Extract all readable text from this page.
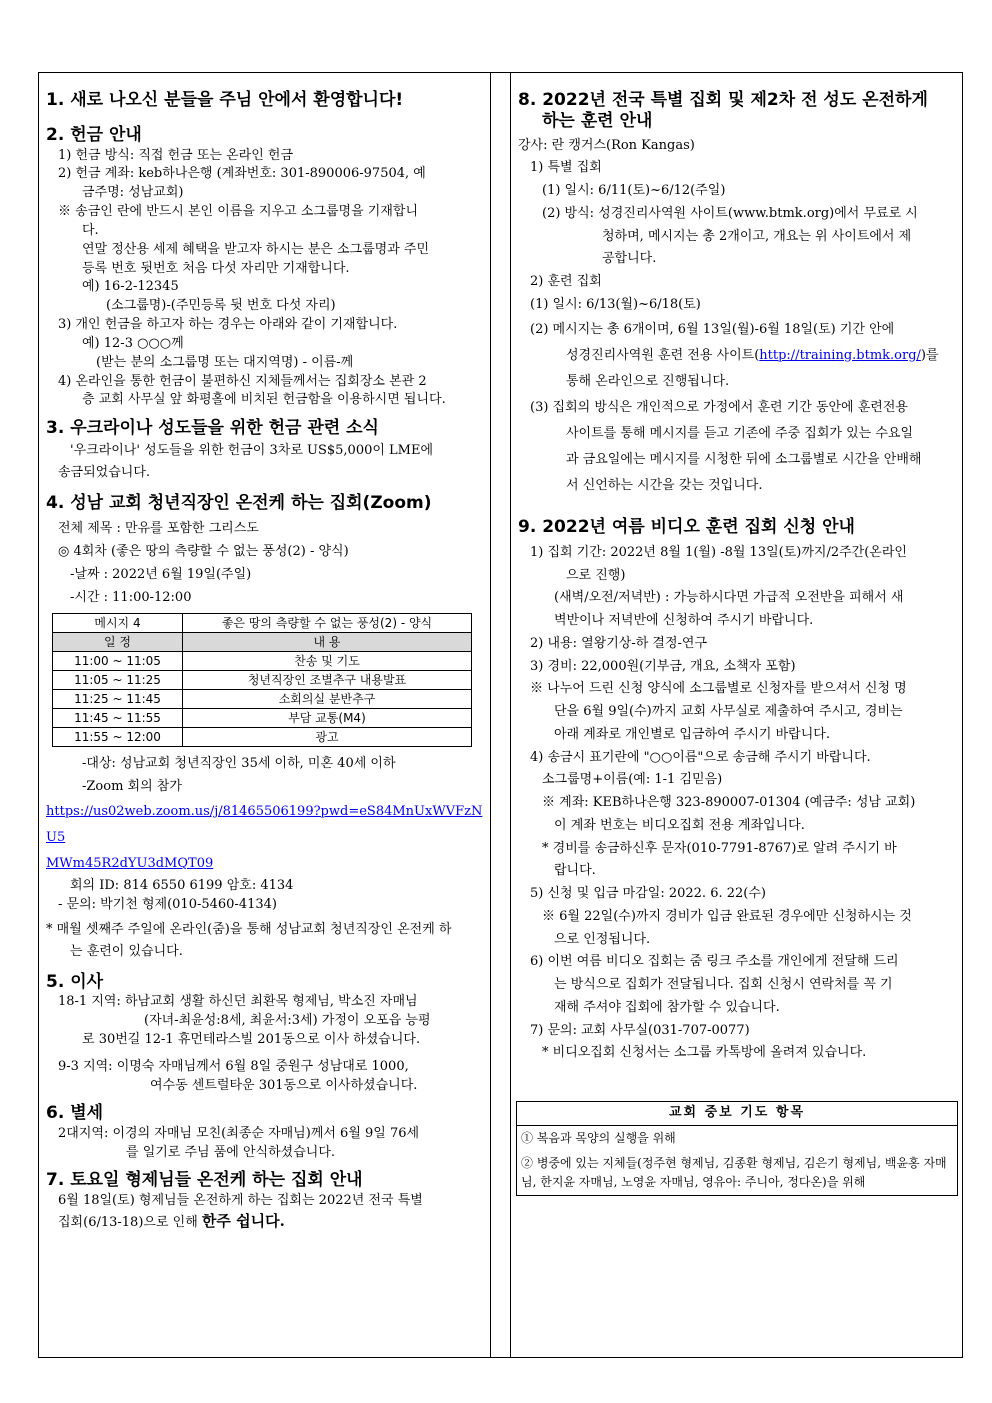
1. 새로 나오신 분들을 주님 안에서 환영합니다!
2. 헌금 안내
1) 헌금 방식: 직접 헌금 또는 온라인 헌금
2) 헌금 계좌: keb하나은행 (계좌번호: 301-890006-97504, 예
금주명: 성남교회)
※ 송금인 란에 반드시 본인 이름을 지우고 소그룹명을 기재합니
다.
연말 정산용 세제 혜택을 받고자 하시는 분은 소그룹명과 주민
등록 번호 뒷번호 처음 다섯 자리만 기재합니다.
예) 16-2-12345
(소그룹명)-(주민등록 뒷 번호 다섯 자리)
3) 개인 헌금을 하고자 하는 경우는 아래와 같이 기재합니다.
예) 12-3 ○○○께
(받는 분의 소그룹명 또는 대지역명) - 이름-께
4) 온라인을 통한 헌금이 불편하신 지체들께서는 집회장소 본관 2
층 교회 사무실 앞 화평홀에 비치된 헌금함을 이용하시면 됩니다.
3. 우크라이나 성도들을 위한 헌금 관련 소식
'우크라이나' 성도들을 위한 헌금이 3차로 US$5,000이 LME에
송금되었습니다.
4. 성남 교회 청년직장인 온전케 하는 집회(Zoom)
전체 제목 : 만유를 포함한 그리스도
◎ 4회차 (좋은 땅의 측량할 수 없는 풍성(2) - 양식)
-날짜 : 2022년 6월 19일(주일)
-시간 : 11:00-12:00
메시지 4	좋은 땅의 측량할 수 없는 풍성(2) - 양식
일 정	내 용
11:00 ~ 11:05	찬송 및 기도
11:05 ~ 11:25	청년직장인 조별추구 내용발표
11:25 ~ 11:45	소회의실 분반추구
11:45 ~ 11:55	부담 교통(M4)
11:55 ~ 12:00	광고
-대상: 성남교회 청년직장인 35세 이하, 미혼 40세 이하
-Zoom 회의 참가
https://us02web.zoom.us/j/81465506199?pwd=eS84MnUxWVFzNU5
MWm45R2dYU3dMQT09
회의 ID: 814 6550 6199 암호: 4134
- 문의: 박기천 형제(010-5460-4134)
* 매월 셋째주 주일에 온라인(줌)을 통해 성남교회 청년직장인 온전케 하
는 훈련이 있습니다.
5. 이사
18-1 지역: 하남교회 생활 하신던 최환목 형제님, 박소진 자매님
(자녀-최윤성:8세, 최윤서:3세) 가정이 오포읍 능평
로 30번길 12-1 휴먼테라스빌 201동으로 이사 하셨습니다.
9-3 지역: 이명숙 자매님께서 6월 8일 중원구 성남대로 1000,
여수동 센트럴타운 301동으로 이사하셨습니다.
6. 별세
2대지역: 이경의 자매님 모친(최종순 자매님)께서 6월 9일 76세
를 일기로 주님 품에 안식하셨습니다.
7. 토요일 형제님들 온전케 하는 집회 안내
6월 18일(토) 형제님들 온전하게 하는 집회는 2022년 전국 특별
집회(6/13-18)으로 인해 한주 쉽니다.
8. 2022년 전국 특별 집회 및 제2차 전 성도 온전하게
하는 훈련 안내
강사: 란 캥거스(Ron Kangas)
1) 특별 집회
(1) 일시: 6/11(토)~6/12(주일)
(2) 방식: 성경진리사역원 사이트(www.btmk.org)에서 무료로 시
청하며, 메시지는 총 2개이고, 개요는 위 사이트에서 제
공합니다.
2) 훈련 집회
(1) 일시: 6/13(월)~6/18(토)
(2) 메시지는 총 6개이며, 6월 13일(월)-6월 18일(토) 기간 안에
성경진리사역원 훈련 전용 사이트(http://training.btmk.org/)를
통해 온라인으로 진행됩니다.
(3) 집회의 방식은 개인적으로 가정에서 훈련 기간 동안에 훈련전용
사이트를 통해 메시지를 듣고 기존에 주중 집회가 있는 수요일
과 금요일에는 메시지를 시청한 뒤에 소그룹별로 시간을 안배해
서 신언하는 시간을 갖는 것입니다.
9. 2022년 여름 비디오 훈련 집회 신청 안내
1) 집회 기간: 2022년 8월 1(월) -8월 13일(토)까지/2주간(온라인
으로 진행)
(새벽/오전/저녁반) : 가능하시다면 가급적 오전반을 피해서 새
벽반이나 저녁반에 신청하여 주시기 바랍니다.
2) 내용: 열왕기상-하 결정-연구
3) 경비: 22,000원(기부금, 개요, 소책자 포함)
※ 나누어 드린 신청 양식에 소그룹별로 신청자를 받으셔서 신청 명
단을 6월 9일(수)까지 교회 사무실로 제출하여 주시고, 경비는
아래 계좌로 개인별로 입금하여 주시기 바랍니다.
4) 송금시 표기란에 "○○이름"으로 송금해 주시기 바랍니다.
소그룹명+이름(예: 1-1 김믿음)
※ 계좌: KEB하나은행 323-890007-01304 (예금주: 성남 교회)
이 계좌 번호는 비디오집회 전용 계좌입니다.
* 경비를 송금하신후 문자(010-7791-8767)로 알려 주시기 바
랍니다.
5) 신청 및 입금 마감일: 2022. 6. 22(수)
※ 6월 22일(수)까지 경비가 입금 완료된 경우에만 신청하시는 것
으로 인정됩니다.
6) 이번 여름 비디오 집회는 줌 링크 주소를 개인에게 전달해 드리
는 방식으로 집회가 전달됩니다. 집회 신청시 연락처를 꼭 기
재해 주셔야 집회에 참가할 수 있습니다.
7) 문의: 교회 사무실(031-707-0077)
* 비디오집회 신청서는 소그룹 카톡방에 올려져 있습니다.
교회 중보 기도 항목
① 복음과 목양의 실행을 위해
② 병중에 있는 지체들(정주현 형제님, 김종환 형제님, 김은기 형제님, 백윤홍 자매님, 한지윤 자매님, 노영윤 자매님, 영유아: 주니아, 정다온)을 위해
